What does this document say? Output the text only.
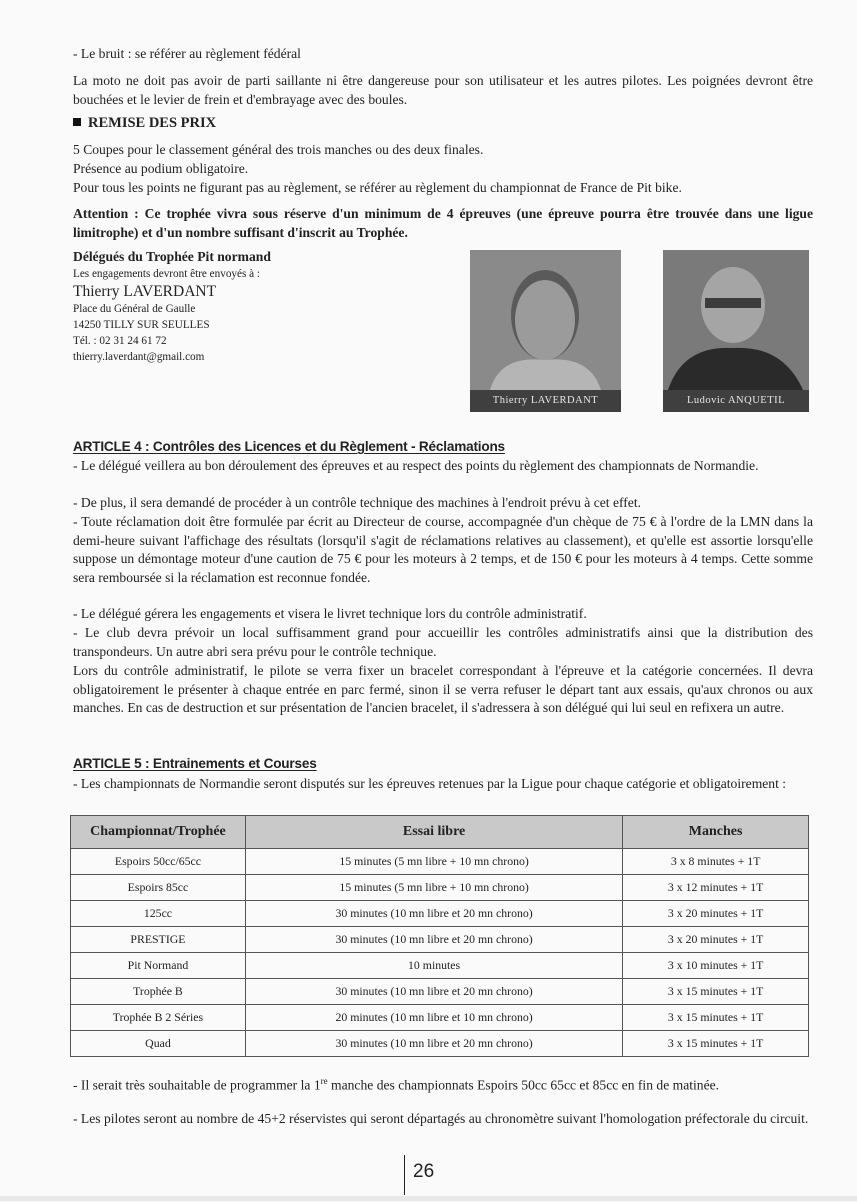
- Le bruit : se référer au règlement fédéral
La moto ne doit pas avoir de parti saillante ni être dangereuse pour son utilisateur et les autres pilotes. Les poignées devront être bouchées et le levier de frein et d'embrayage avec des boules.
REMISE DES PRIX
5 Coupes pour le classement général des trois manches ou des deux finales.
Présence au podium obligatoire.
Pour tous les points ne figurant pas au règlement, se référer au règlement du championnat de France de Pit bike.
Attention : Ce trophée vivra sous réserve d'un minimum de 4 épreuves (une épreuve pourra être trouvée dans une ligue limitrophe) et d'un nombre suffisant d'inscrit au Trophée.
Délégués du Trophée Pit normand
Les engagements devront être envoyés à :
Thierry LAVERDANT
Place du Général de Gaulle
14250 TILLY SUR SEULLES
Tél. : 02 31 24 61 72
thierry.laverdant@gmail.com
Thierry LAVERDANT	Ludovic ANQUETIL
ARTICLE 4 : Contrôles des Licences et du Règlement - Réclamations
- Le délégué veillera au bon déroulement des épreuves et au respect des points du règlement des championnats de Normandie.
- De plus, il sera demandé de procéder à un contrôle technique des machines à l'endroit prévu à cet effet.
- Toute réclamation doit être formulée par écrit au Directeur de course, accompagnée d'un chèque de 75 € à l'ordre de la LMN dans la demi-heure suivant l'affichage des résultats (lorsqu'il s'agit de réclamations relatives au classement), et qu'elle est assortie lorsqu'elle suppose un démontage moteur d'une caution de 75 € pour les moteurs à 2 temps, et de 150 € pour les moteurs à 4 temps. Cette somme sera remboursée si la réclamation est reconnue fondée.
- Le délégué gérera les engagements et visera le livret technique lors du contrôle administratif.
- Le club devra prévoir un local suffisamment grand pour accueillir les contrôles administratifs ainsi que la distribution des transpondeurs. Un autre abri sera prévu pour le contrôle technique.
Lors du contrôle administratif, le pilote se verra fixer un bracelet correspondant à l'épreuve et la catégorie concernées. Il devra obligatoirement le présenter à chaque entrée en parc fermé, sinon il se verra refuser le départ tant aux essais, qu'aux chronos ou aux manches. En cas de destruction et sur présentation de l'ancien bracelet, il s'adressera à son délégué qui lui seul en refixera un autre.
ARTICLE 5 : Entrainements et Courses
- Les championnats de Normandie seront disputés sur les épreuves retenues par la Ligue pour chaque catégorie et obligatoirement :
Championnat/Trophée	Essai libre	Manches
Espoirs 50cc/65cc	15 minutes (5 mn libre + 10 mn chrono)	3 x 8 minutes + 1T
Espoirs 85cc	15 minutes (5 mn libre + 10 mn chrono)	3 x 12 minutes + 1T
125cc	30 minutes (10 mn libre et 20 mn chrono)	3 x 20 minutes + 1T
PRESTIGE	30 minutes (10 mn libre et 20 mn chrono)	3 x 20 minutes + 1T
Pit Normand	10 minutes	3 x 10 minutes + 1T
Trophée B	30 minutes (10 mn libre et 20 mn chrono)	3 x 15 minutes + 1T
Trophée B 2 Séries	20 minutes (10 mn libre et 10 mn chrono)	3 x 15 minutes + 1T
Quad	30 minutes (10 mn libre et 20 mn chrono)	3 x 15 minutes + 1T
- Il serait très souhaitable de programmer la 1re manche des championnats Espoirs 50cc 65cc et 85cc en fin de matinée.
- Les pilotes seront au nombre de 45+2 réservistes qui seront départagés au chronomètre suivant l'homologation préfectorale du circuit.
26
